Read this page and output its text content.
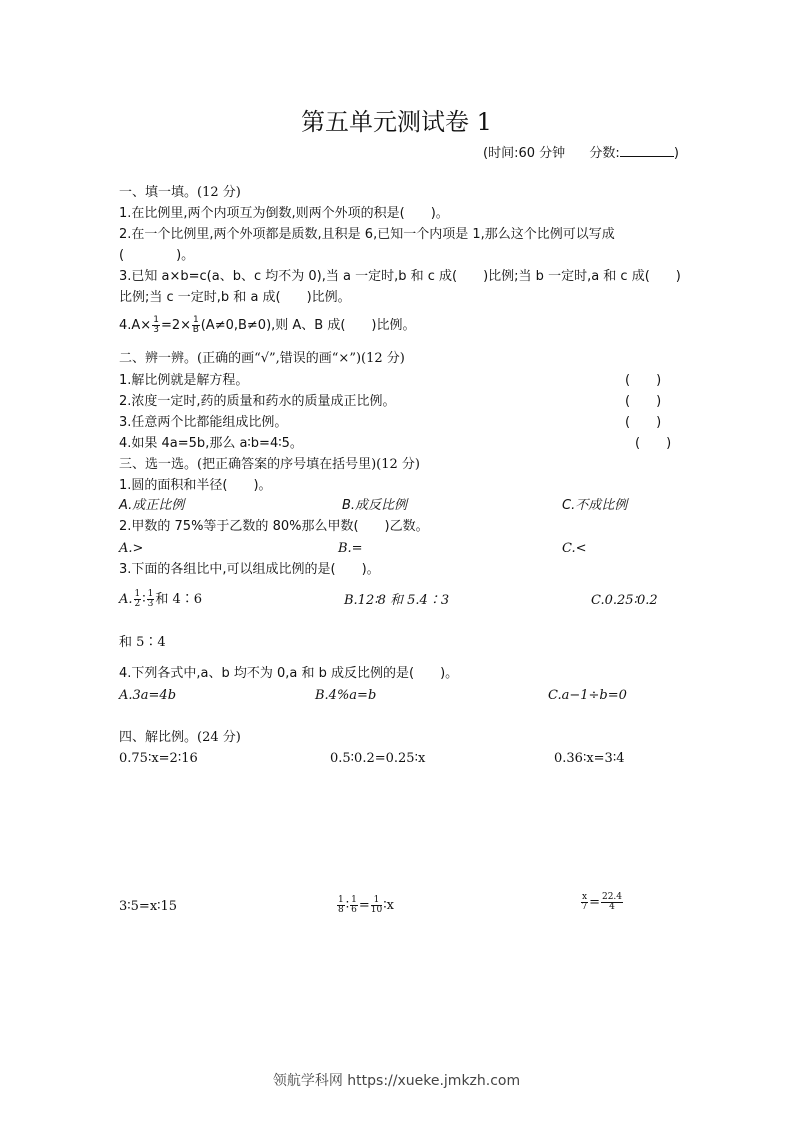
第五单元测试卷 1
(时间:60 分钟 分数:	)
一、填一填。(12 分)
1.在比例里,两个内项互为倒数,则两个外项的积是(　　)。
2.在一个比例里,两个外项都是质数,且积是 6,已知一个内项是 1,那么这个比例可以写成
(　　　　)。
3.已知 a×b=c(a、b、c 均不为 0),当 a 一定时,b 和 c 成(　　)比例;当 b 一定时,a 和 c 成(　　)
比例;当 c 一定时,b 和 a 成(　　)比例。
$4.A\times \frac{1}{3} =2\times \frac{1}{B} (A\ne 0,B\ne 0)$,则 A、B 成(　　)比例。
二、辨一辨。(正确的画“√”,错误的画“×”)(12 分)
1.解比例就是解方程。	(　　)
2.浓度一定时,药的质量和药水的质量成正比例。	(　　)
3.任意两个比都能组成比例。	(　　)
4.如果 4a=5b,那么 a∶b=4∶5。	(　　)
三、选一选。(把正确答案的序号填在括号里)(12 分)
1.圆的面积和半径(　　)。
A.成正比例	B.成反比例	C.不成比例
2.甲数的 75%等于乙数的 80%那么甲数(　　)乙数。
A.>	B.=	C.<
3.下面的各组比中,可以组成比例的是(　　)。
A. $\frac{1}{2}$ ∶ $\frac{1}{3}$ 和 4∶6	B.12∶8 和 5.4∶3	C.0.25∶0.2
和 5∶4
4.下列各式中,a、b 均不为 0,a 和 b 成反比例的是(　　)。
A.3a=4b	B.4%a=b	C.a−1÷b=0
四、解比例。(24 分)
0.75∶x=2∶16	0.5∶0.2=0.25∶x	0.36∶x=3∶4
3∶5=x∶15	$\frac{1}{8}$ ∶ $\frac{1}{6} = \frac{1}{10}$ ∶x	$\frac{x}{7} = \frac{22.4}{4}$
领航学科网 https://xueke.jmkzh.com
